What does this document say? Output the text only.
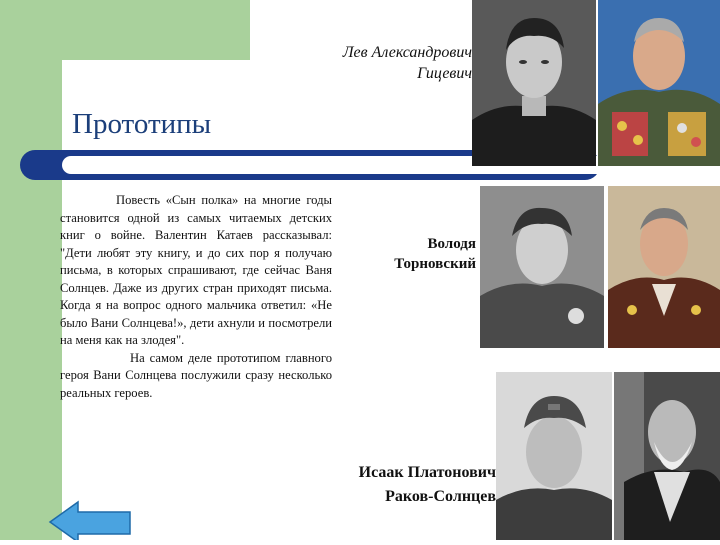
Прототипы
Лев Александрович
Гицевич
Володя
Торновский
Исаак Платонович
Раков-Солнцев

Повесть «Сын полка» на многие годы становится одной из самых читаемых детских книг о войне. Валентин Катаев рассказывал: "Дети любят эту книгу, и до сих пор я получаю письма, в которых спрашивают, где сейчас Ваня Солнцев. Даже из других стран приходят письма. Когда я на вопрос одного мальчика ответил: «Не было Вани Солнцева!», дети ахнули и посмотрели на меня как на злодея".

На самом деле прототипом главного героя Вани Солнцева послужили сразу несколько реальных героев.
